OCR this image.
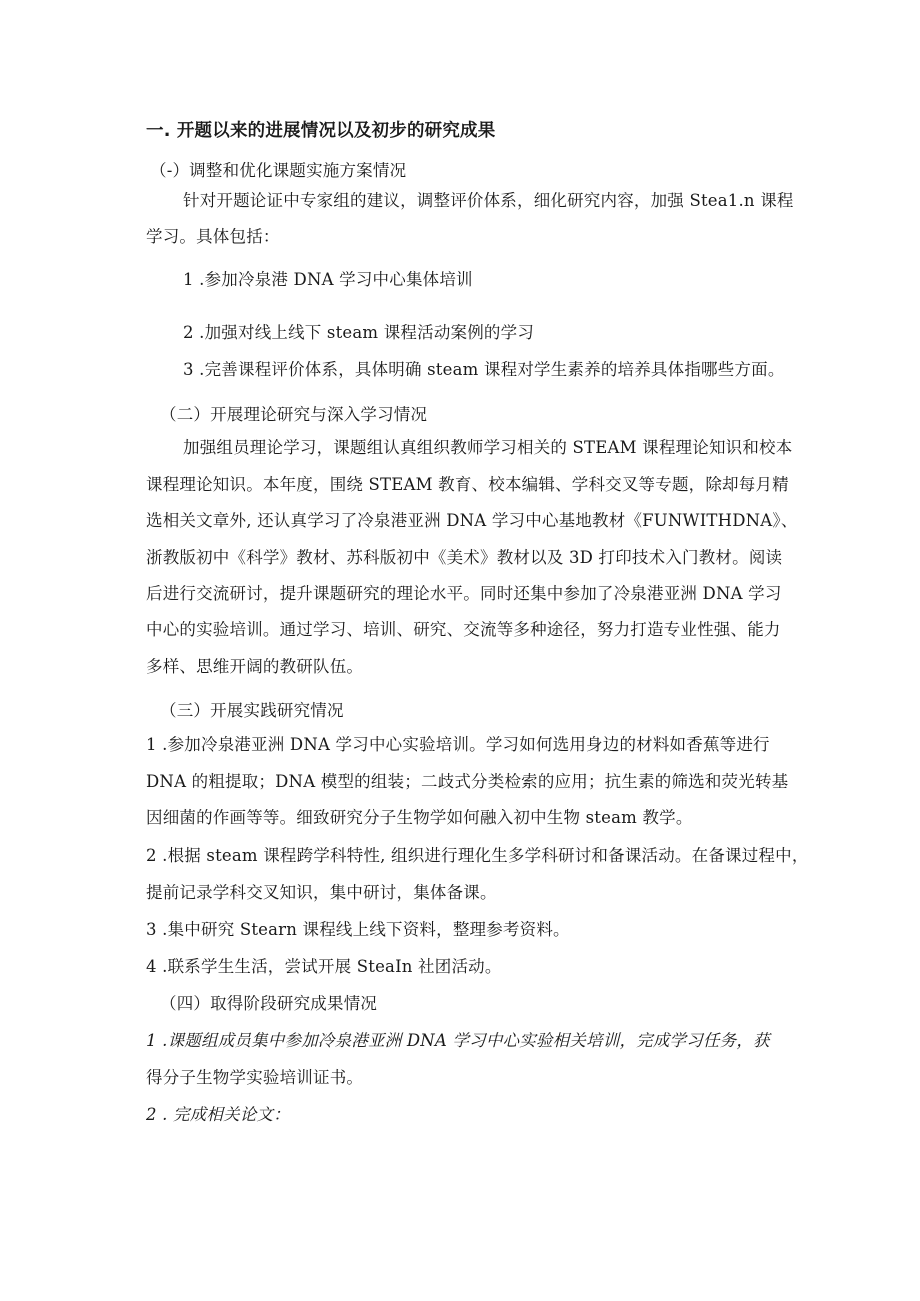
一. 开题以来的进展情况以及初步的研究成果
（-）调整和优化课题实施方案情况
针对开题论证中专家组的建议，调整评价体系，细化研究内容，加强 Stea1.n 课程
学习。具体包括：
1 .参加冷泉港 DNA 学习中心集体培训
2 .加强对线上线下 steam 课程活动案例的学习
3 .完善课程评价体系，具体明确 steam 课程对学生素养的培养具体指哪些方面。
（二）开展理论研究与深入学习情况
加强组员理论学习，课题组认真组织教师学习相关的 STEAM 课程理论知识和校本
课程理论知识。本年度，围绕 STEAM 教育、校本编辑、学科交叉等专题，除却每月精
选相关文章外, 还认真学习了冷泉港亚洲 DNA 学习中心基地教材《FUNWITHDNA》、
浙教版初中《科学》教材、苏科版初中《美术》教材以及 3D 打印技术入门教材。阅读
后进行交流研讨，提升课题研究的理论水平。同时还集中参加了冷泉港亚洲 DNA 学习
中心的实验培训。通过学习、培训、研究、交流等多种途径，努力打造专业性强、能力
多样、思维开阔的教研队伍。
（三）开展实践研究情况
1 .参加冷泉港亚洲 DNA 学习中心实验培训。学习如何选用身边的材料如香蕉等进行
DNA 的粗提取；DNA 模型的组装；二歧式分类检索的应用；抗生素的筛选和荧光转基
因细菌的作画等等。细致研究分子生物学如何融入初中生物 steam 教学。
2 .根据 steam 课程跨学科特性, 组织进行理化生多学科研讨和备课活动。在备课过程中，
提前记录学科交叉知识，集中研讨，集体备课。
3 .集中研究 Stearn 课程线上线下资料，整理参考资料。
4 .联系学生生活，尝试开展 SteaIn 社团活动。
（四）取得阶段研究成果情况
1 .课题组成员集中参加冷泉港亚洲 DNA 学习中心实验相关培训，完成学习任务，获
得分子生物学实验培训证书。
2 . 完成相关论文：
